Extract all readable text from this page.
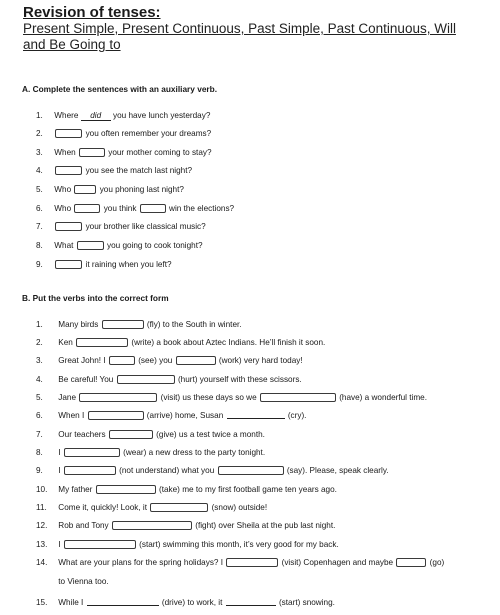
Revision of tenses:
Present Simple, Present Continuous, Past Simple, Past Continuous, Will
and Be Going to
A. Complete the sentences with an auxiliary verb.
1. Where did you have lunch yesterday?
2.	you often remember your dreams?
3. When	your mother coming to stay?
4.	you see the match last night?
5. Who	you phoning last night?
6. Who	you think	win the elections?
7.	your brother like classical music?
8. What	you going to cook tonight?
9.	it raining when you left?
B. Put the verbs into the correct form
1. Many birds	(fly) to the South in winter.
2. Ken	(write) a book about Aztec Indians. He’ll finish it soon.
3. Great John! I	(see) you	(work) very hard today!
4. Be careful! You	(hurt) yourself with these scissors.
5. Jane	(visit) us these days so we	(have) a wonderful time.
6. When I	(arrive) home, Susan	(cry).
7. Our teachers	(give) us a test twice a month.
8. I	(wear) a new dress to the party tonight.
9. I	(not understand) what you	(say). Please, speak clearly.
10. My father	(take) me to my first football game ten years ago.
11. Come it, quickly! Look, it	(snow) outside!
12. Rob and Tony	(fight) over Sheila at the pub last night.
13. I	(start) swimming this month, it’s very good for my back.
14. What are your plans for the spring holidays? I	(visit) Copenhagen and maybe	(go)
to Vienna too.
15. While I	(drive) to work, it	(start) snowing.
